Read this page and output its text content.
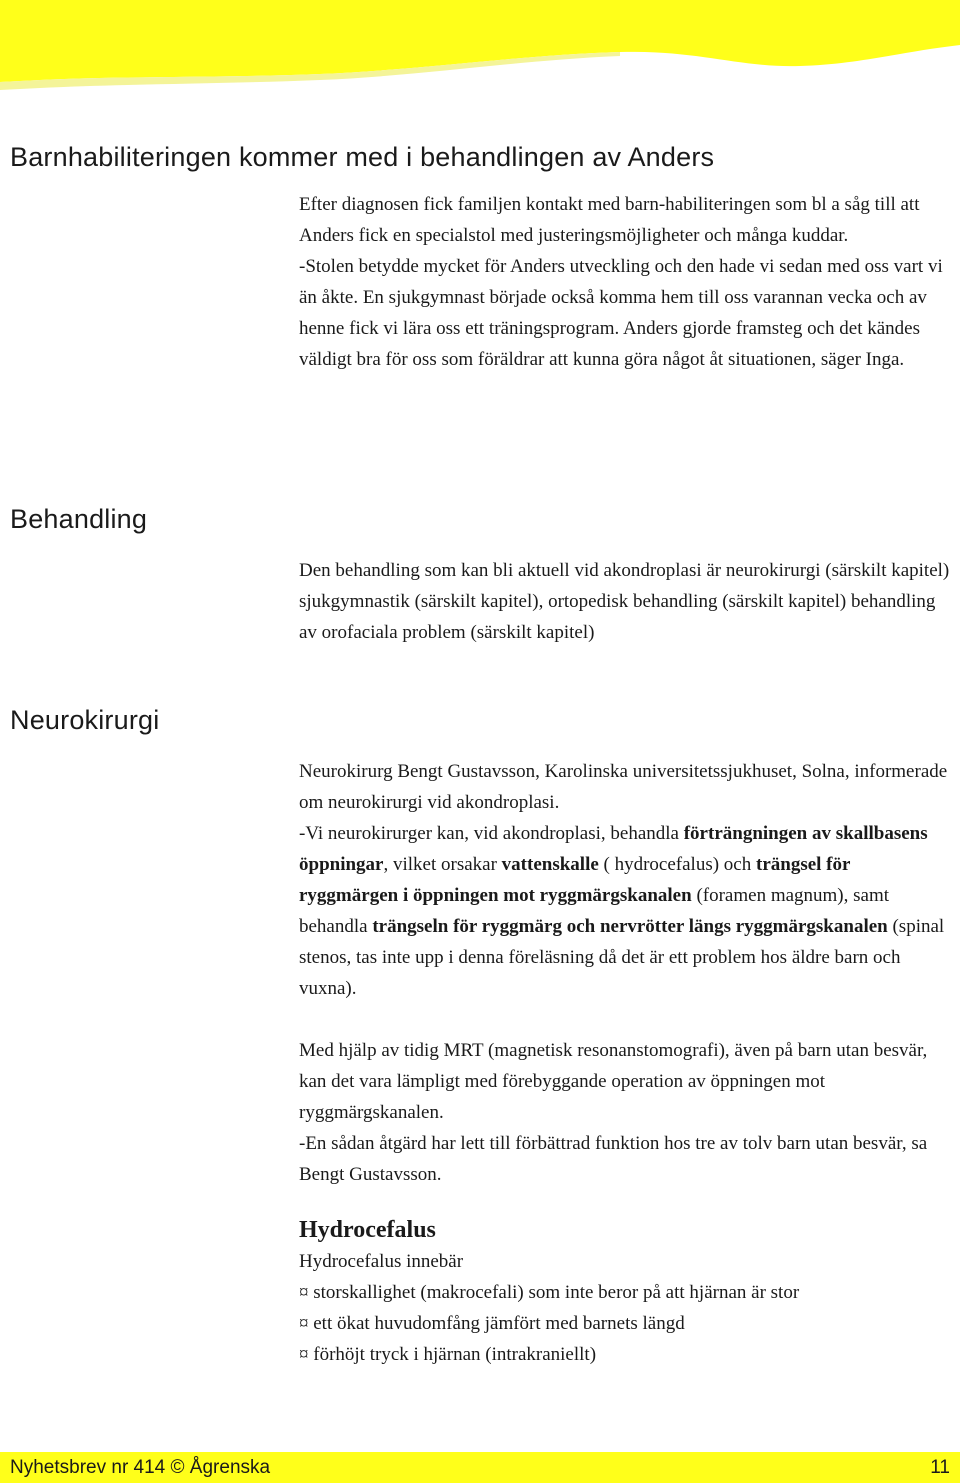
Barnhabiliteringen kommer med i behandlingen av Anders

Efter diagnosen fick familjen kontakt med barn-habiliteringen som bl a såg till att Anders fick en specialstol med justeringsmöjligheter och många kuddar.

-Stolen betydde mycket för Anders utveckling och den hade vi sedan med oss vart vi än åkte. En sjukgymnast började också komma hem till oss varannan vecka och av henne fick vi lära oss ett träningsprogram. Anders gjorde framsteg och det kändes väldigt bra för oss som föräldrar att kunna göra något åt situationen, säger Inga.

Behandling

Den behandling som kan bli aktuell vid akondroplasi är neurokirurgi (särskilt kapitel) sjukgymnastik (särskilt kapitel), ortopedisk behandling (särskilt kapitel) behandling av orofaciala problem (särskilt kapitel)

Neurokirurgi

Neurokirurg Bengt Gustavsson, Karolinska universitetssjukhuset, Solna, informerade om neurokirurgi vid akondroplasi.

-Vi neurokirurger kan, vid akondroplasi, behandla förträngningen av skallbasens öppningar, vilket orsakar vattenskalle ( hydrocefalus) och trängsel för ryggmärgen i öppningen mot ryggmärgskanalen (foramen magnum), samt behandla trängseln för ryggmärg och nervrötter längs ryggmärgskanalen (spinal stenos, tas inte upp i denna föreläsning då det är ett problem hos äldre barn och vuxna).

Med hjälp av tidig MRT (magnetisk resonanstomografi), även på barn utan besvär, kan det vara lämpligt med förebyggande operation av öppningen mot ryggmärgskanalen.

-En sådan åtgärd har lett till förbättrad funktion hos tre av tolv barn utan besvär, sa Bengt Gustavsson.

Hydrocefalus

Hydrocefalus innebär

¤ storskallighet (makrocefali) som inte beror på att hjärnan är stor

¤ ett ökat huvudomfång jämfört med barnets längd

¤ förhöjt tryck i hjärnan (intrakraniellt)

Nyhetsbrev nr 414 © Ågrenska	11
